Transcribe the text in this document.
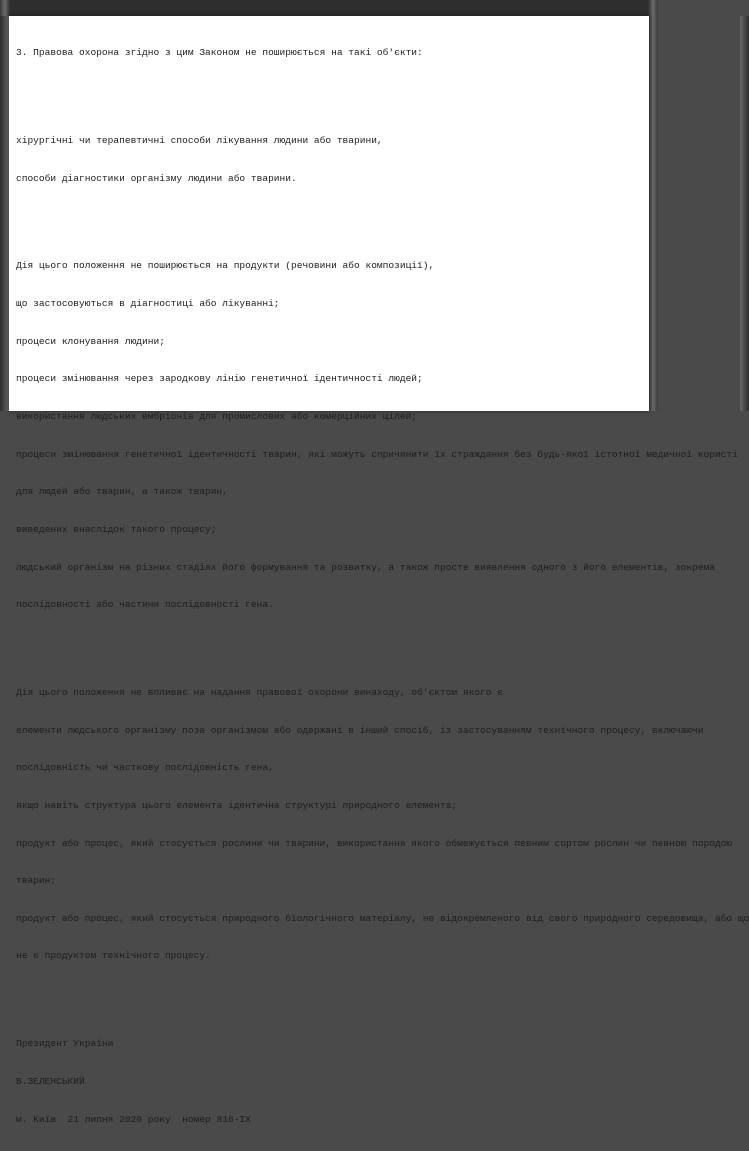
3. Правова охорона згідно з цим Законом не поширюється на такі об'єкти:

хірургічні чи терапевтичні способи лікування людини або тварини,

способи діагностики організму людини або тварини.

Дія цього положення не поширюється на продукти (речовини або композиції),

що застосовуються в діагностиці або лікуванні;

процеси клонування людини;

процеси змінювання через зародкову лінію генетичної ідентичності людей;

використання людських ембріонів для промислових або комерційних цілей;

процеси змінювання генетичної ідентичності тварин, які можуть спричинити їх страждання без будь-якої істотної медичної користі

для людей або тварин, а також тварин,

виведених внаслідок такого процесу;

людський організм на різних стадіях його формування та розвитку, а також просте виявлення одного з його елементів, зокрема

послідовності або частини послідовності гена.

Дія цього положення не впливає на надання правової охорони винаходу, об'єктом якого є

елементи людського організму поза організмом або одержані в інший спосіб, із застосуванням технічного процесу, включаючи

послідовність чи часткову послідовність гена,

якщо навіть структура цього елемента ідентична структурі природного елемента;

продукт або процес, який стосується рослини чи тварини, використання якого обмежується певним сортом рослин чи певною породою

тварин;

продукт або процес, який стосується природного біологічного матеріалу, не відокремленого від свого природного середовища, або що

не є продуктом технічного процесу.

Президент України

В.ЗЕЛЕНСЬКИЙ

м. Київ  21 липня 2020 року  номер 816-IX
